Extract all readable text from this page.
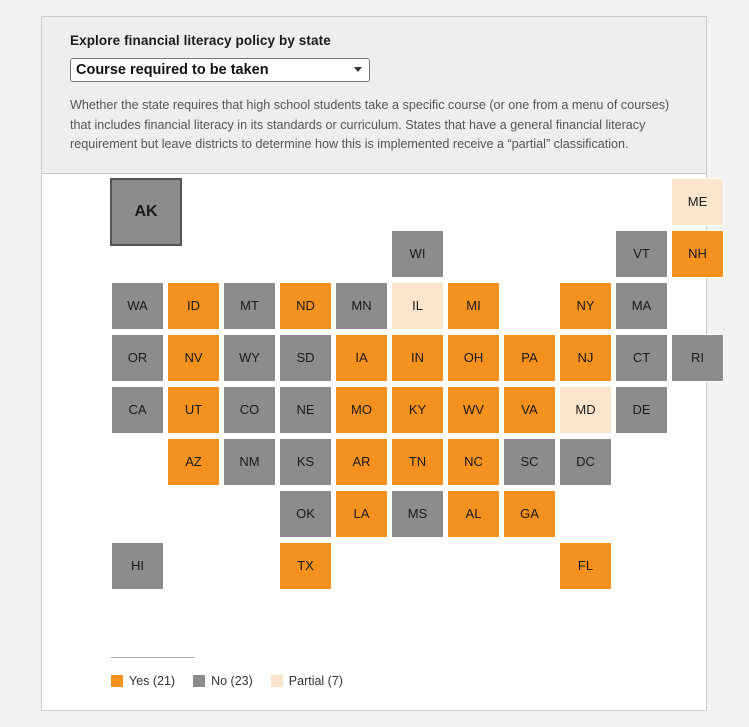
Explore financial literacy policy by state

Course required to be taken

Whether the state requires that high school students take a specific course (or one from a menu of courses) that includes financial literacy in its standards or curriculum. States that have a general financial literacy requirement but leave districts to determine how this is implemented receive a “partial” classification.

AK
ME
WI	VT	NH
WA	ID	MT	ND	MN	IL	MI	NY	MA
OR	NV	WY	SD	IA	IN	OH	PA	NJ	CT	RI
CA	UT	CO	NE	MO	KY	WV	VA	MD	DE
AZ	NM	KS	AR	TN	NC	SC	DC
OK	LA	MS	AL	GA
HI	TX	FL
Yes (21)	No (23)	Partial (7)
